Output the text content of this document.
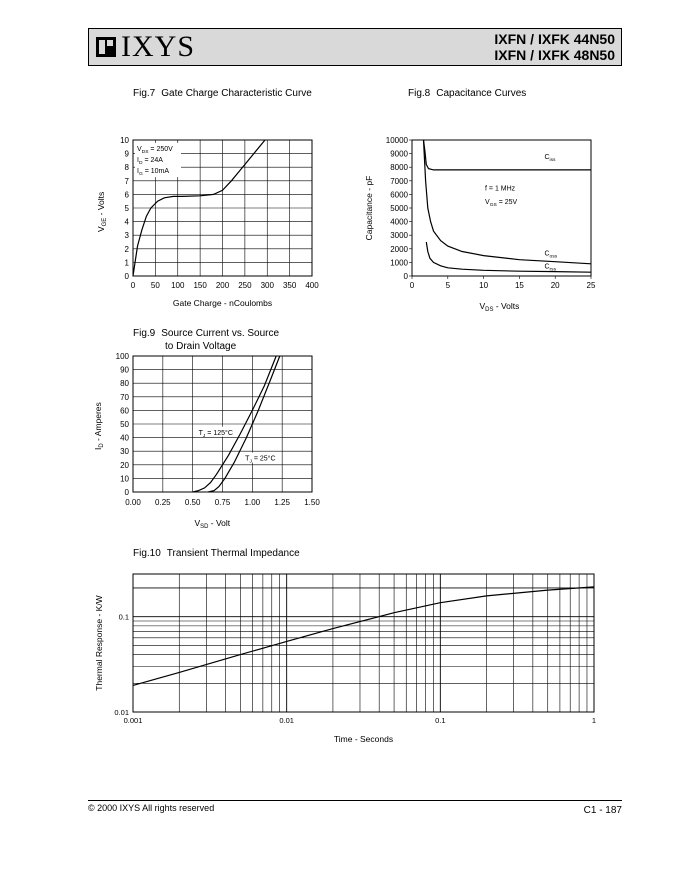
IXYS	IXFN / IXFK 44N50
IXFN / IXFK 48N50
Fig.7 Gate Charge Characteristic Curve	Fig.8 Capacitance Curves
Fig.9 Source Current vs. Source
to Drain Voltage
Fig.10 Transient Thermal Impedance
0 50 100 150 200 250 300 350 400
0
1
2
3
4
5
6
7
8
9
10
$V_{DS} = 250V$
$I_D = 24A$
$I_G = 10mA$
Gate Charge - nCoulombs
$V_{GE}$ - Volts
0	5	10	15	20	25
0
1000
2000
3000
4000
5000
6000
7000
8000
9000
10000
$C_{iss}$
$C_{oss}$
$C_{rss}$
f = 1 MHz
$V_{GS} = 25V$
$V_{DS}$ - Volts
Capacitance - pF
0.00 0.25 0.50 0.75 1.00 1.25 1.50
0
10
20
30
40
50
60
70
80
90
100
$T_J = 125^\circ C$
$T_J = 25^\circ C$
$V_{SD}$ - Volt
$I_D$ - Amperes
0.001	0.01	0.1	1
0.01
0.1
Time - Seconds
Thermal Response - K/W
© 2000 IXYS All rights reserved	C1 - 187
